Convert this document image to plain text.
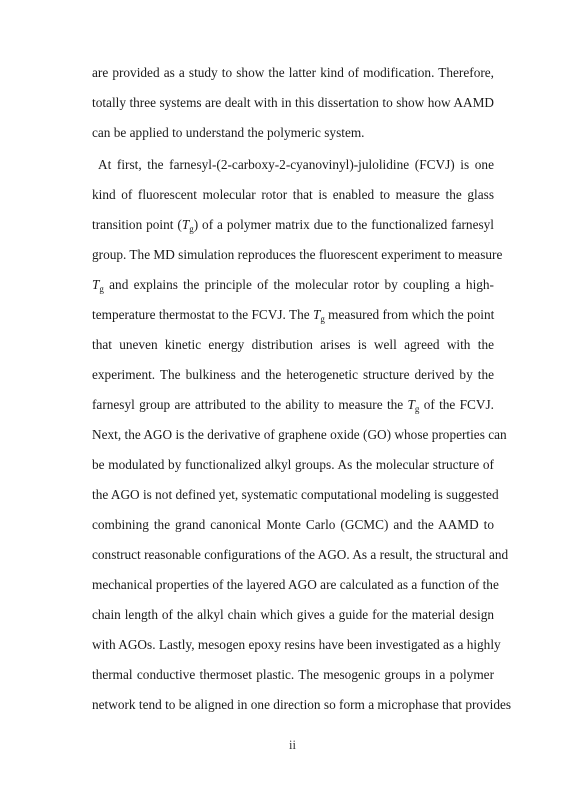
are provided as a study to show the latter kind of modification. Therefore,
totally three systems are dealt with in this dissertation to show how AAMD
can be applied to understand the polymeric system.

At first, the farnesyl-(2-carboxy-2-cyanovinyl)-julolidine (FCVJ) is one
kind of fluorescent molecular rotor that is enabled to measure the glass
transition point $(T_g)$ of a polymer matrix due to the functionalized farnesyl
group. The MD simulation reproduces the fluorescent experiment to measure
$T_g$ and explains the principle of the molecular rotor by coupling a high-
temperature thermostat to the FCVJ. The $T_g$ measured from which the point
that uneven kinetic energy distribution arises is well agreed with the
experiment. The bulkiness and the heterogenetic structure derived by the
farnesyl group are attributed to the ability to measure the $T_g$ of the FCVJ.
Next, the AGO is the derivative of graphene oxide (GO) whose properties can
be modulated by functionalized alkyl groups. As the molecular structure of
the AGO is not defined yet, systematic computational modeling is suggested
combining the grand canonical Monte Carlo (GCMC) and the AAMD to
construct reasonable configurations of the AGO. As a result, the structural and
mechanical properties of the layered AGO are calculated as a function of the
chain length of the alkyl chain which gives a guide for the material design
with AGOs. Lastly, mesogen epoxy resins have been investigated as a highly
thermal conductive thermoset plastic. The mesogenic groups in a polymer
network tend to be aligned in one direction so form a microphase that provides

ii
